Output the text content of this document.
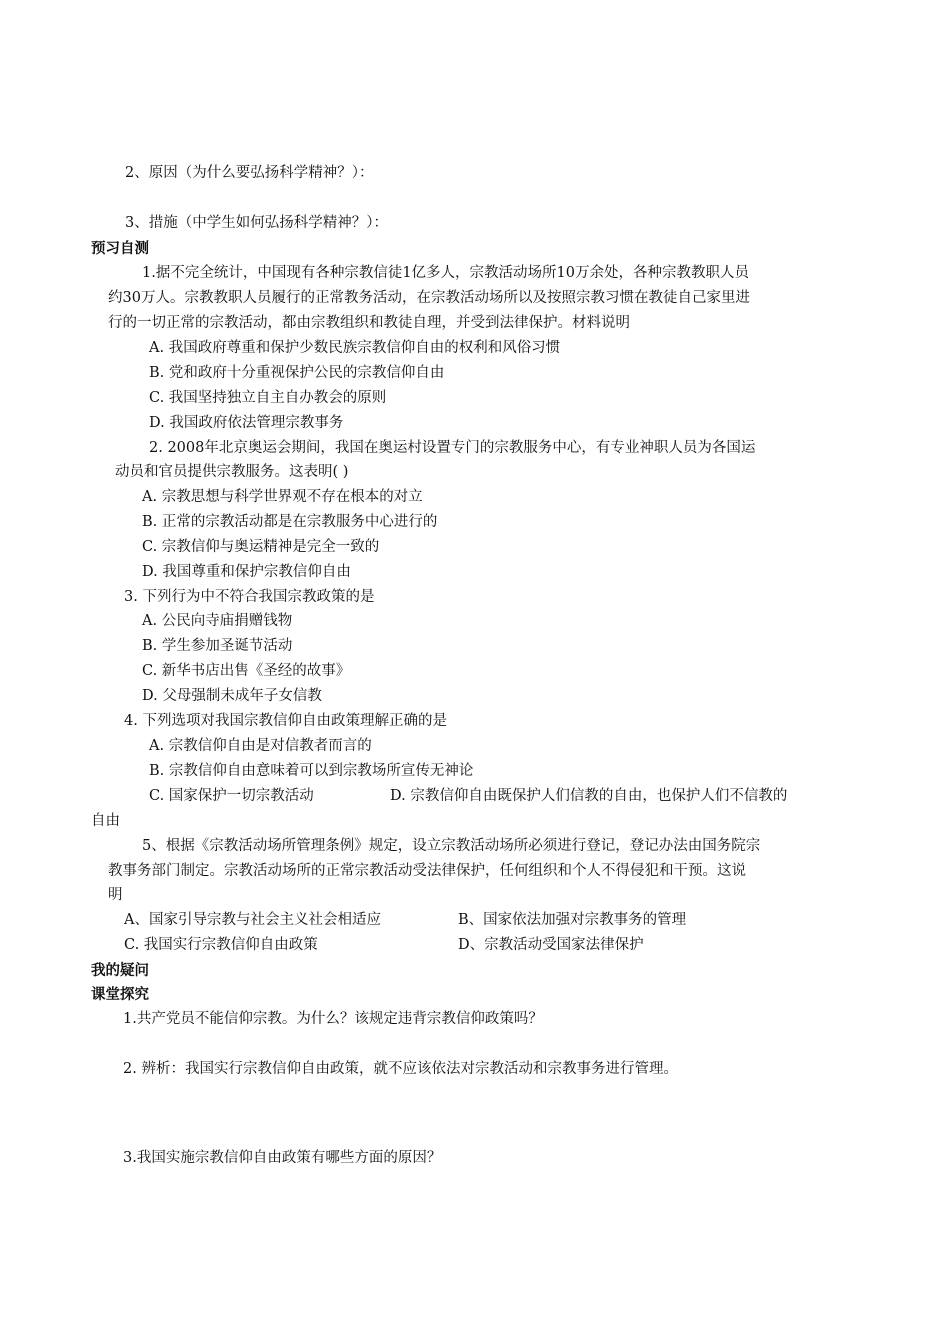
2、原因（为什么要弘扬科学精神？）：
3、措施（中学生如何弘扬科学精神？）：
预习自测
1.据不完全统计，中国现有各种宗教信徒1亿多人，宗教活动场所10万余处，各种宗教教职人员
约30万人。宗教教职人员履行的正常教务活动，在宗教活动场所以及按照宗教习惯在教徒自己家里进
行的一切正常的宗教活动，都由宗教组织和教徒自理，并受到法律保护。材料说明
A. 我国政府尊重和保护少数民族宗教信仰自由的权利和风俗习惯
B. 党和政府十分重视保护公民的宗教信仰自由
C. 我国坚持独立自主自办教会的原则
D. 我国政府依法管理宗教事务
2. 2008年北京奥运会期间，我国在奥运村设置专门的宗教服务中心，有专业神职人员为各国运
动员和官员提供宗教服务。这表明( )
A. 宗教思想与科学世界观不存在根本的对立
B. 正常的宗教活动都是在宗教服务中心进行的
C. 宗教信仰与奥运精神是完全一致的
D. 我国尊重和保护宗教信仰自由
3. 下列行为中不符合我国宗教政策的是
A. 公民向寺庙捐赠钱物
B. 学生参加圣诞节活动
C. 新华书店出售《圣经的故事》
D. 父母强制未成年子女信教
4. 下列选项对我国宗教信仰自由政策理解正确的是
A. 宗教信仰自由是对信教者而言的
B. 宗教信仰自由意味着可以到宗教场所宣传无神论
C. 国家保护一切宗教活动	D. 宗教信仰自由既保护人们信教的自由，也保护人们不信教的
自由
5、根据《宗教活动场所管理条例》规定，设立宗教活动场所必须进行登记，登记办法由国务院宗
教事务部门制定。宗教活动场所的正常宗教活动受法律保护，任何组织和个人不得侵犯和干预。这说
明
A、国家引导宗教与社会主义社会相适应	B、国家依法加强对宗教事务的管理
C. 我国实行宗教信仰自由政策	D、宗教活动受国家法律保护
我的疑问
课堂探究
1.共产党员不能信仰宗教。为什么？该规定违背宗教信仰政策吗？
2. 辨析：我国实行宗教信仰自由政策，就不应该依法对宗教活动和宗教事务进行管理。
3.我国实施宗教信仰自由政策有哪些方面的原因？
